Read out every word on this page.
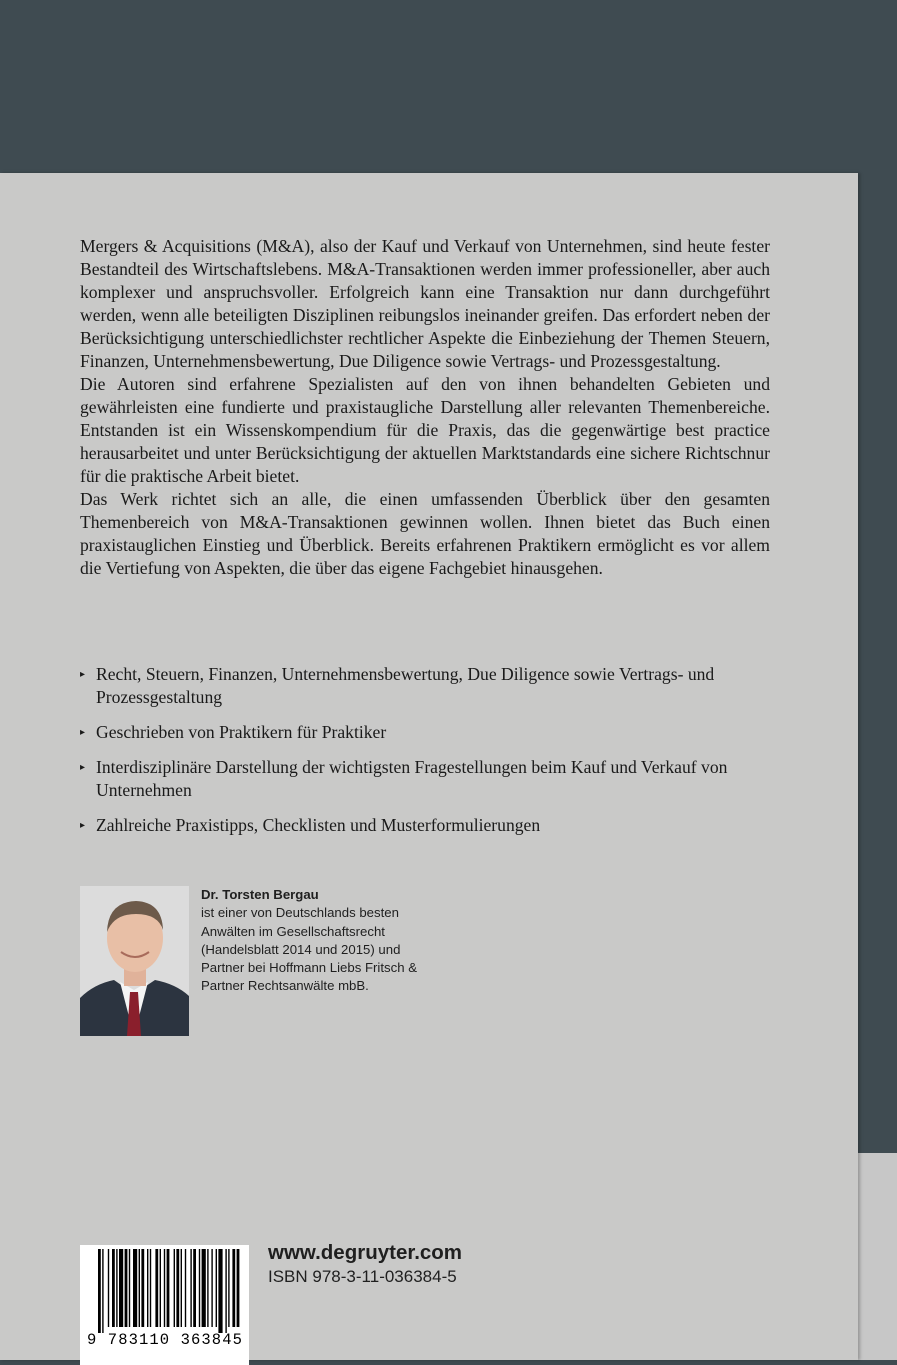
Mergers & Acquisitions (M&A), also der Kauf und Verkauf von Unternehmen, sind heute fester Bestandteil des Wirtschaftslebens. M&A-Transaktionen werden immer professioneller, aber auch komplexer und anspruchsvoller. Erfolgreich kann eine Transaktion nur dann durchgeführt werden, wenn alle beteiligten Disziplinen reibungslos ineinander greifen. Das erfordert neben der Berücksichtigung unterschiedlichster rechtlicher Aspekte die Einbeziehung der Themen Steuern, Finanzen, Unternehmensbewertung, Due Diligence sowie Vertrags- und Prozessgestaltung.

Die Autoren sind erfahrene Spezialisten auf den von ihnen behandelten Gebieten und gewährleisten eine fundierte und praxistaugliche Darstellung aller relevanten Themenbereiche. Entstanden ist ein Wissenskompendium für die Praxis, das die gegenwärtige best practice herausarbeitet und unter Berücksichtigung der aktuellen Marktstandards eine sichere Richtschnur für die praktische Arbeit bietet.

Das Werk richtet sich an alle, die einen umfassenden Überblick über den gesamten Themenbereich von M&A-Transaktionen gewinnen wollen. Ihnen bietet das Buch einen praxistauglichen Einstieg und Überblick. Bereits erfahrenen Praktikern ermöglicht es vor allem die Vertiefung von Aspekten, die über das eigene Fachgebiet hinausgehen.

▸ Recht, Steuern, Finanzen, Unternehmensbewertung, Due Diligence sowie Vertrags- und Prozessgestaltung
▸ Geschrieben von Praktikern für Praktiker
▸ Interdisziplinäre Darstellung der wichtigsten Fragestellungen beim Kauf und Verkauf von Unternehmen
▸ Zahlreiche Praxistipps, Checklisten und Musterformulierungen
Dr. Torsten Bergau
ist einer von Deutschlands besten Anwälten im Gesellschaftsrecht (Handelsblatt 2014 und 2015) und Partner bei Hoffmann Liebs Fritsch & Partner Rechtsanwälte mbB.
9 783110 363845
www.degruyter.com
ISBN 978-3-11-036384-5
